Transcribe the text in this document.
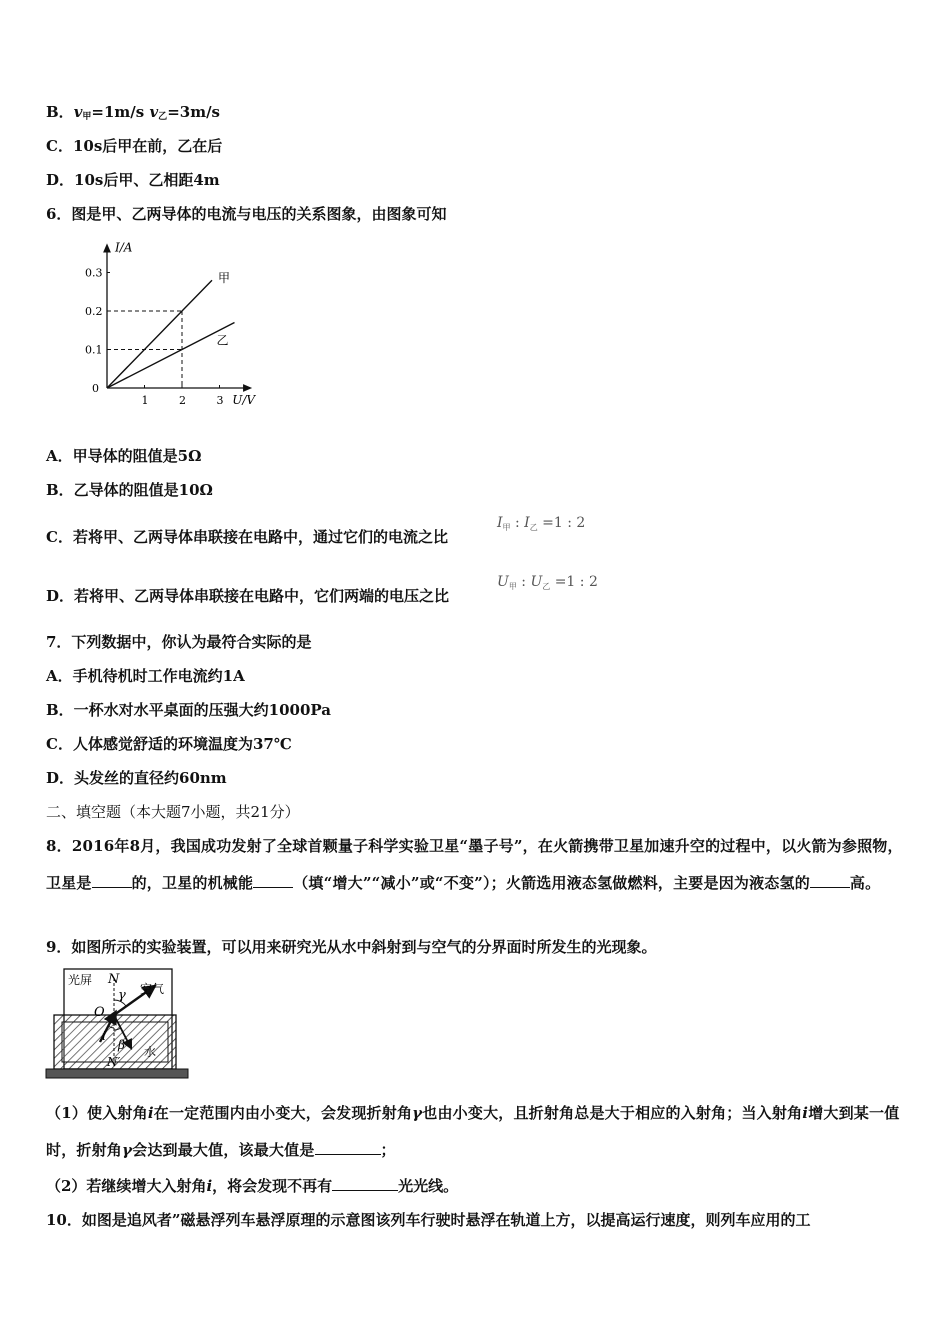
B．$v_甲=1m/s$ $v_乙=3m/s$
C．10s后甲在前，乙在后
D．10s后甲、乙相距4m
6．图是甲、乙两导体的电流与电压的关系图象，由图象可知
I/A
U/V
0
1	2	3
0.1
0.2
0.3	甲
乙
A．甲导体的阻值是5Ω
B．乙导体的阻值是10Ω
C．若将甲、乙两导体串联接在电路中，通过它们的电流之比
$I_甲$ : $I_乙 =1$ : 2
D．若将甲、乙两导体串联接在电路中，它们两端的电压之比
$U_甲$ : $U_乙 =1$ : 2
7．下列数据中，你认为最符合实际的是
A．手机待机时工作电流约1A
B．一杯水对水平桌面的压强大约1000Pa
C．人体感觉舒适的环境温度为37℃
D．头发丝的直径约60nm
二、填空题（本大题7小题，共21分）
8．2016年8月，我国成功发射了全球首颗量子科学实验卫星“墨子号”，在火箭携带卫星加速升空的过程中，以火箭为参照物，卫星是	的，卫星的机械能	（填“增大”“减小”或“不变”）；火箭选用液态氢做燃料，主要是因为液态氢的	高。
9．如图所示的实验装置，可以用来研究光从水中斜射到与空气的分界面时所发生的光现象。
光屏 N
γ 空气
O
i
β 水
N′
（1）使入射角i在一定范围内由小变大，会发现折射角γ也由小变大，且折射角总是大于相应的入射角；当入射角i增大到某一值时，折射角γ会达到最大值，该最大值是	；
（2）若继续增大入射角i，将会发现不再有	光光线。
10．如图是追风者”磁悬浮列车悬浮原理的示意图该列车行驶时悬浮在轨道上方，以提高运行速度，则列车应用的工
